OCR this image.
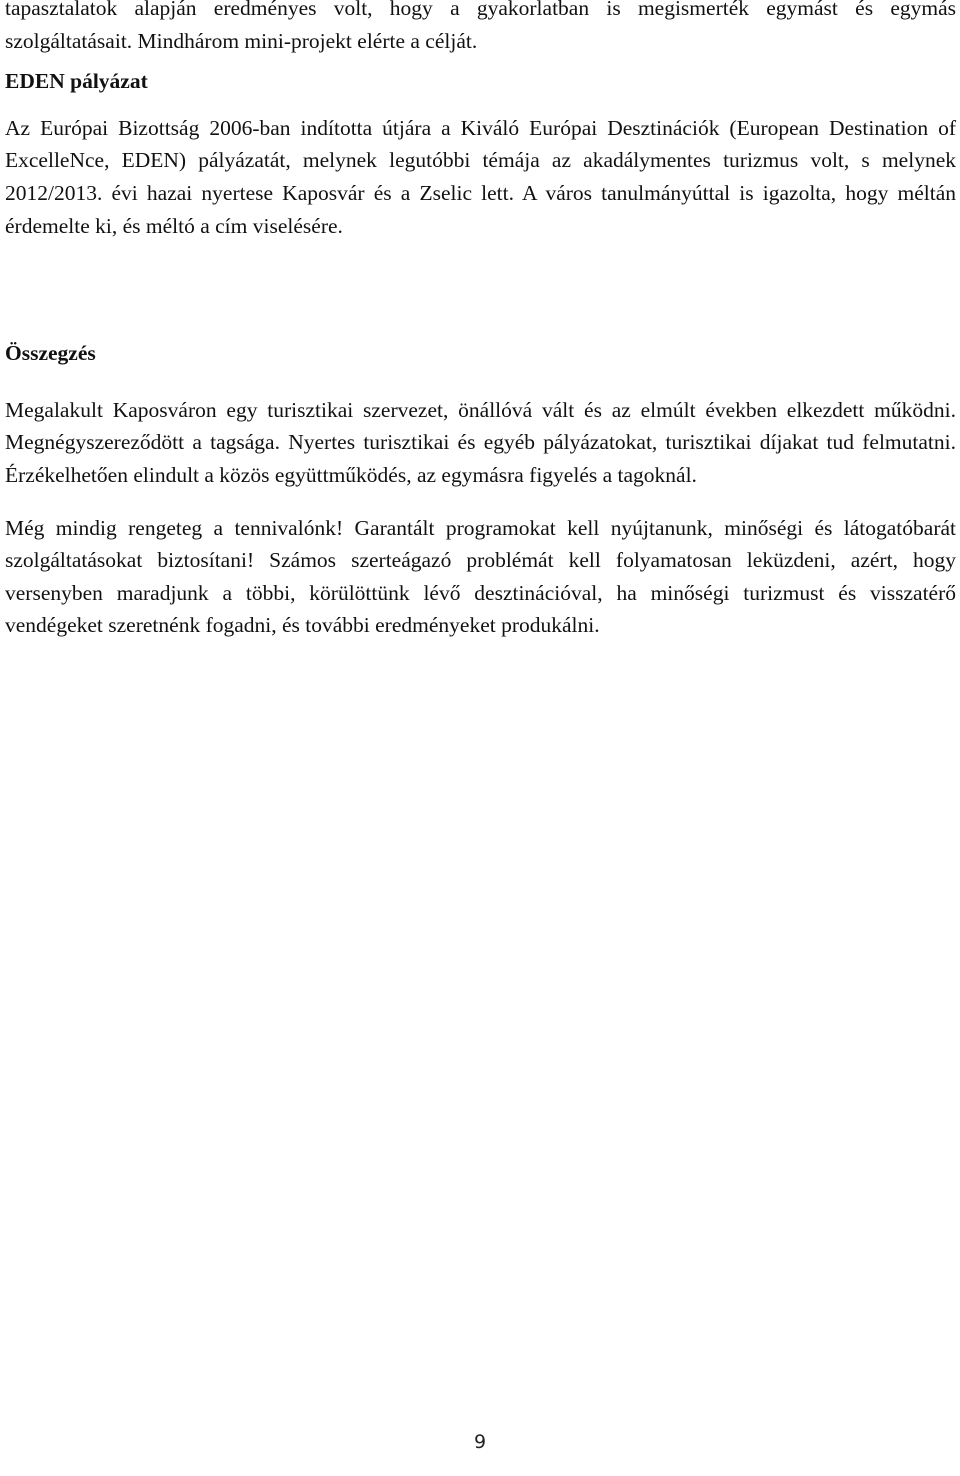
tapasztalatok alapján eredményes volt, hogy a gyakorlatban is megismerték egymást és egymás szolgáltatásait. Mindhárom mini-projekt elérte a célját.

EDEN pályázat

Az Európai Bizottság 2006-ban indította útjára a Kiváló Európai Desztinációk (European Destination of ExcelleNce, EDEN) pályázatát, melynek legutóbbi témája az akadálymentes turizmus volt, s melynek 2012/2013. évi hazai nyertese Kaposvár és a Zselic lett. A város tanulmányúttal is igazolta, hogy méltán érdemelte ki, és méltó a cím viselésére.

Összegzés

Megalakult Kaposváron egy turisztikai szervezet, önállóvá vált és az elmúlt években elkezdett működni. Megnégyszereződött a tagsága. Nyertes turisztikai és egyéb pályázatokat, turisztikai díjakat tud felmutatni. Érzékelhetően elindult a közös együttműködés, az egymásra figyelés a tagoknál.

Még mindig rengeteg a tennivalónk! Garantált programokat kell nyújtanunk, minőségi és látogatóbarát szolgáltatásokat biztosítani! Számos szerteágazó problémát kell folyamatosan leküzdeni, azért, hogy versenyben maradjunk a többi, körülöttünk lévő desztinációval, ha minőségi turizmust és visszatérő vendégeket szeretnénk fogadni, és további eredményeket produkálni.

9
